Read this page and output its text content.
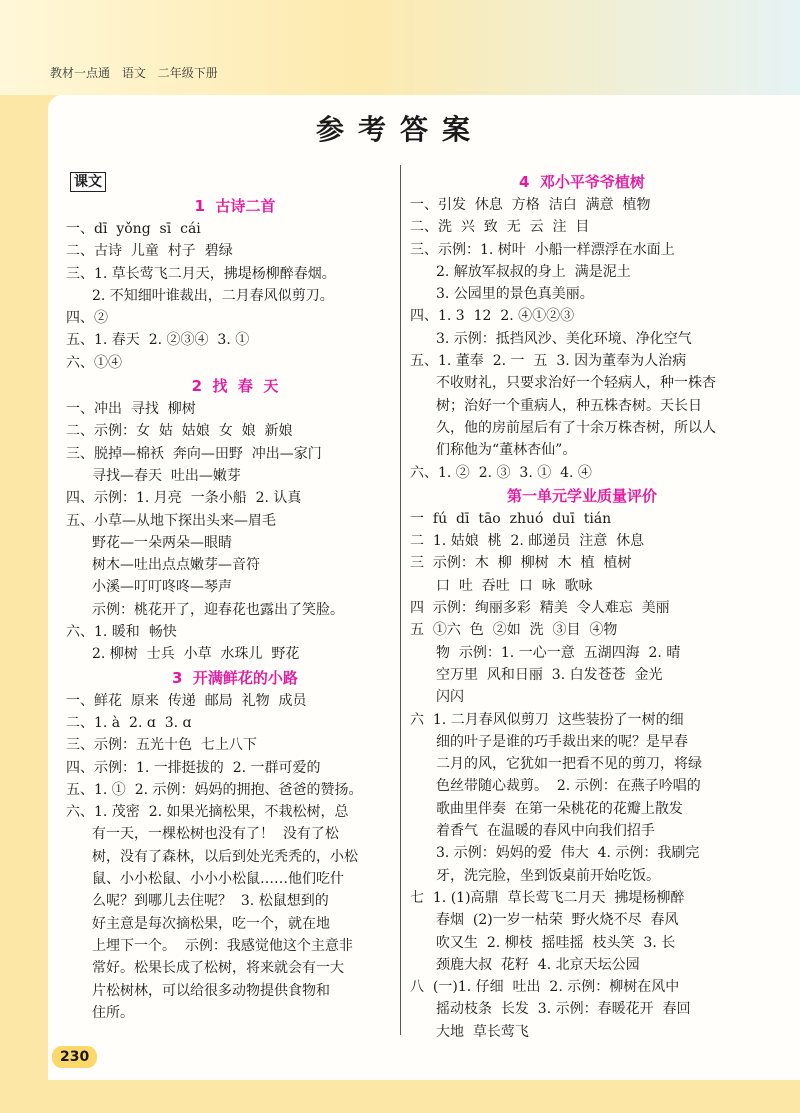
教材一点通 语文 二年级下册
参考答案

课文

1  古诗二首

一、dī  yǒng  sī  cái

二、古诗  儿童  村子  碧绿

三、1. 草长莺飞二月天，拂堤杨柳醉春烟。

2. 不知细叶谁裁出，二月春风似剪刀。

四、②

五、1. 春天  2. ②③④  3. ①

六、①④

2  找  春  天

一、冲出  寻找  柳树

二、示例：女  姑  姑娘  女  娘  新娘

三、脱掉—棉袄  奔向—田野  冲出—家门

寻找—春天  吐出—嫩芽

四、示例：1. 月亮  一条小船  2. 认真

五、小草—从地下探出头来—眉毛

野花—一朵两朵—眼睛

树木—吐出点点嫩芽—音符

小溪—叮叮咚咚—琴声

示例：桃花开了，迎春花也露出了笑脸。

六、1. 暖和  畅快

2. 柳树  士兵  小草  水珠儿  野花

3  开满鲜花的小路

一、鲜花  原来  传递  邮局  礼物  成员

二、1. à  2. ɑ  3. ɑ

三、示例：五光十色  七上八下

四、示例：1. 一排挺拔的  2. 一群可爱的

五、1. ①  2. 示例：妈妈的拥抱、爸爸的赞扬。

六、1. 茂密  2. 如果光摘松果，不栽松树，总

有一天，一棵松树也没有了！  没有了松

树，没有了森林，以后到处光秃秃的，小松

鼠、小小松鼠、小小小松鼠……他们吃什

么呢？到哪儿去住呢？  3. 松鼠想到的

好主意是每次摘松果，吃一个，就在地

上埋下一个。  示例：我感觉他这个主意非

常好。松果长成了松树，将来就会有一大

片松树林，可以给很多动物提供食物和

住所。

4  邓小平爷爷植树

一、引发  休息  方格  洁白  满意  植物

二、洗  兴  致  无  云  注  目

三、示例：1. 树叶  小船一样漂浮在水面上

2. 解放军叔叔的身上  满是泥土

3. 公园里的景色真美丽。

四、1. 3  12  2. ④①②③

3. 示例：抵挡风沙、美化环境、净化空气

五、1. 董奉  2. 一  五  3. 因为董奉为人治病

不收财礼，只要求治好一个轻病人，种一株杏

树；治好一个重病人，种五株杏树。天长日

久，他的房前屋后有了十余万株杏树，所以人

们称他为“董林杏仙”。

六、1. ②  2. ③  3. ①  4. ④

第一单元学业质量评价

一  fú  dī  tāo  zhuó  duī  tián

二  1. 姑娘  桃  2. 邮递员  注意  休息

三  示例：木  柳  柳树  木  植  植树

口  吐  吞吐  口  咏  歌咏

四  示例：绚丽多彩  精美  令人难忘  美丽

五  ①六  色  ②如  洗  ③目  ④物

物  示例：1. 一心一意  五湖四海  2. 晴

空万里  风和日丽  3. 白发苍苍  金光

闪闪

六  1. 二月春风似剪刀  这些装扮了一树的细

细的叶子是谁的巧手裁出来的呢？是早春

二月的风，它犹如一把看不见的剪刀，将绿

色丝带随心裁剪。  2. 示例：在燕子吟唱的

歌曲里伴奏  在第一朵桃花的花瓣上散发

着香气  在温暖的春风中向我们招手

3. 示例：妈妈的爱  伟大  4. 示例：我刷完

牙，洗完脸，坐到饭桌前开始吃饭。

七  1. (1)高鼎  草长莺飞二月天  拂堤杨柳醉

春烟  (2)一岁一枯荣  野火烧不尽  春风

吹又生  2. 柳枝  摇哇摇  枝头笑  3. 长

颈鹿大叔  花籽  4. 北京天坛公园

八  (一)1. 仔细  吐出  2. 示例：柳树在风中

摇动枝条  长发  3. 示例：春暖花开  春回

大地  草长莺飞

230
